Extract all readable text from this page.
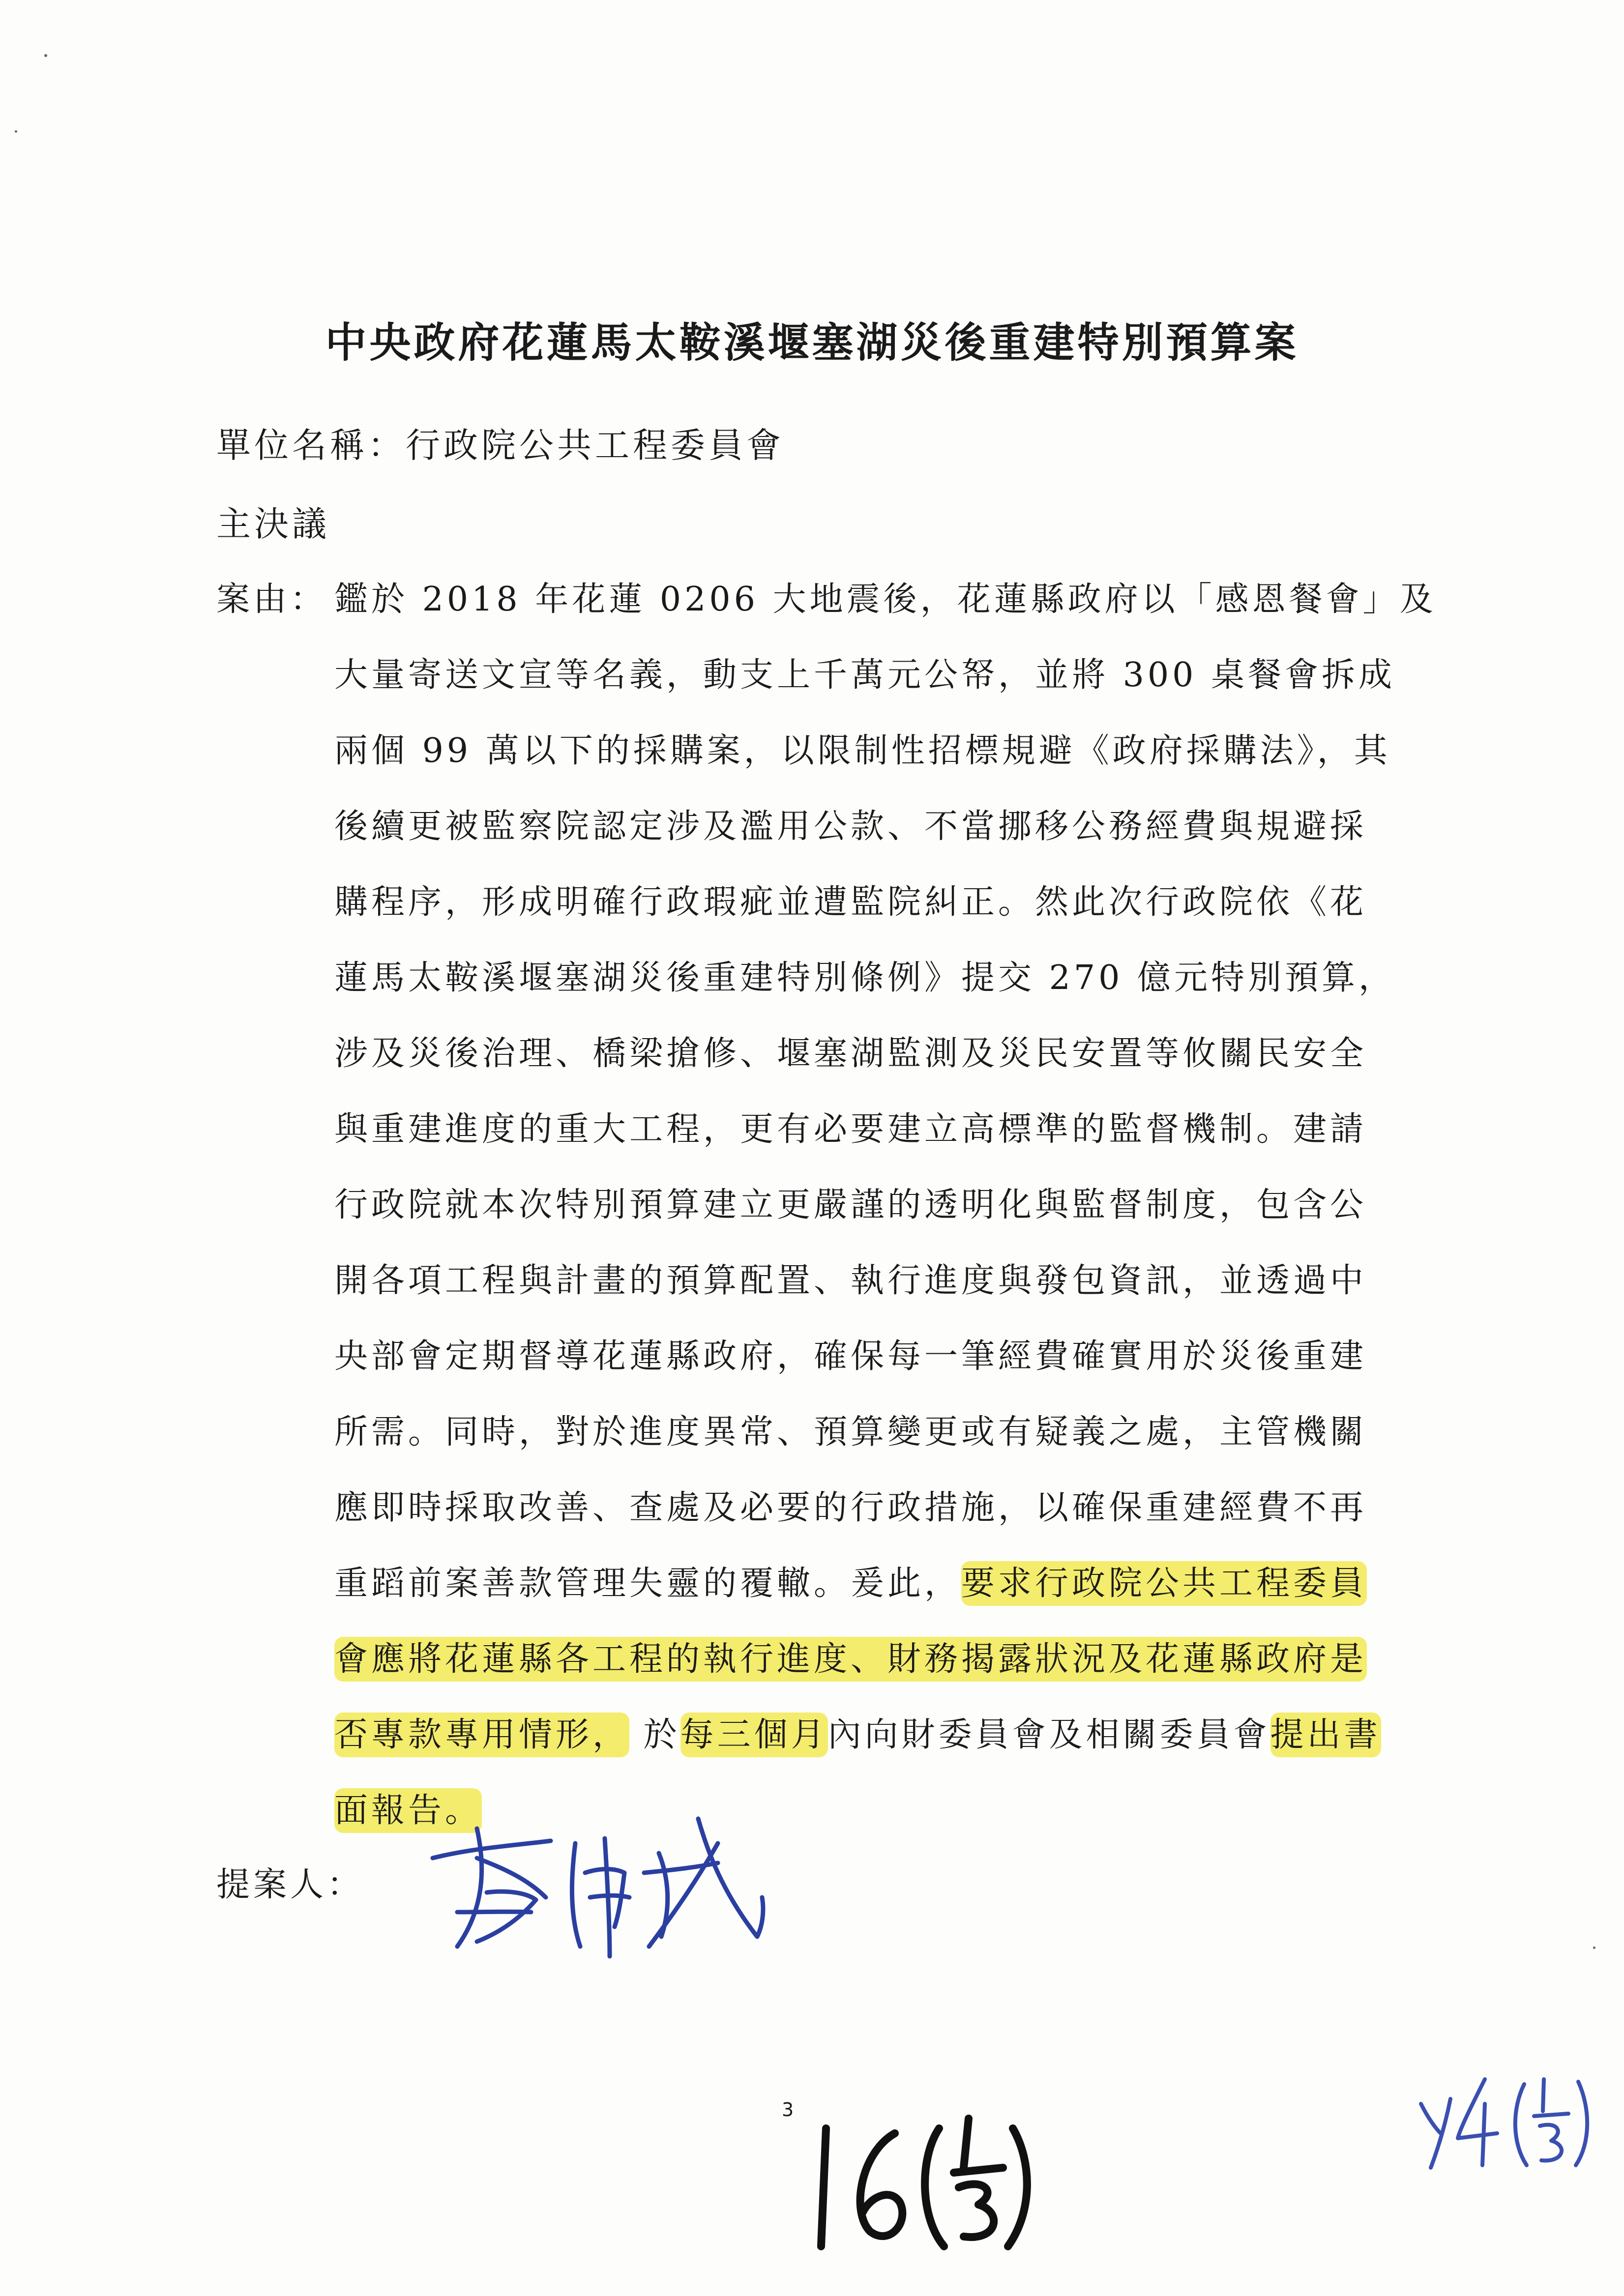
中央政府花蓮馬太鞍溪堰塞湖災後重建特別預算案

單位名稱：行政院公共工程委員會

主決議

案由： 鑑於 2018 年花蓮 0206 大地震後，花蓮縣政府以「感恩餐會」及
大量寄送文宣等名義，動支上千萬元公帑，並將 300 桌餐會拆成
兩個 99 萬以下的採購案，以限制性招標規避《政府採購法》，其
後續更被監察院認定涉及濫用公款、不當挪移公務經費與規避採
購程序，形成明確行政瑕疵並遭監院糾正。然此次行政院依《花
蓮馬太鞍溪堰塞湖災後重建特別條例》提交 270 億元特別預算，
涉及災後治理、橋梁搶修、堰塞湖監測及災民安置等攸關民安全
與重建進度的重大工程，更有必要建立高標準的監督機制。建請
行政院就本次特別預算建立更嚴謹的透明化與監督制度，包含公
開各項工程與計畫的預算配置、執行進度與發包資訊，並透過中
央部會定期督導花蓮縣政府，確保每一筆經費確實用於災後重建
所需。同時，對於進度異常、預算變更或有疑義之處，主管機關
應即時採取改善、查處及必要的行政措施，以確保重建經費不再
重蹈前案善款管理失靈的覆轍。爰此，要求行政院公共工程委員
會應將花蓮縣各工程的執行進度、財務揭露狀況及花蓮縣政府是
否專款專用情形， 於每三個月內向財委員會及相關委員會提出書
面報告。
提案人：
3
